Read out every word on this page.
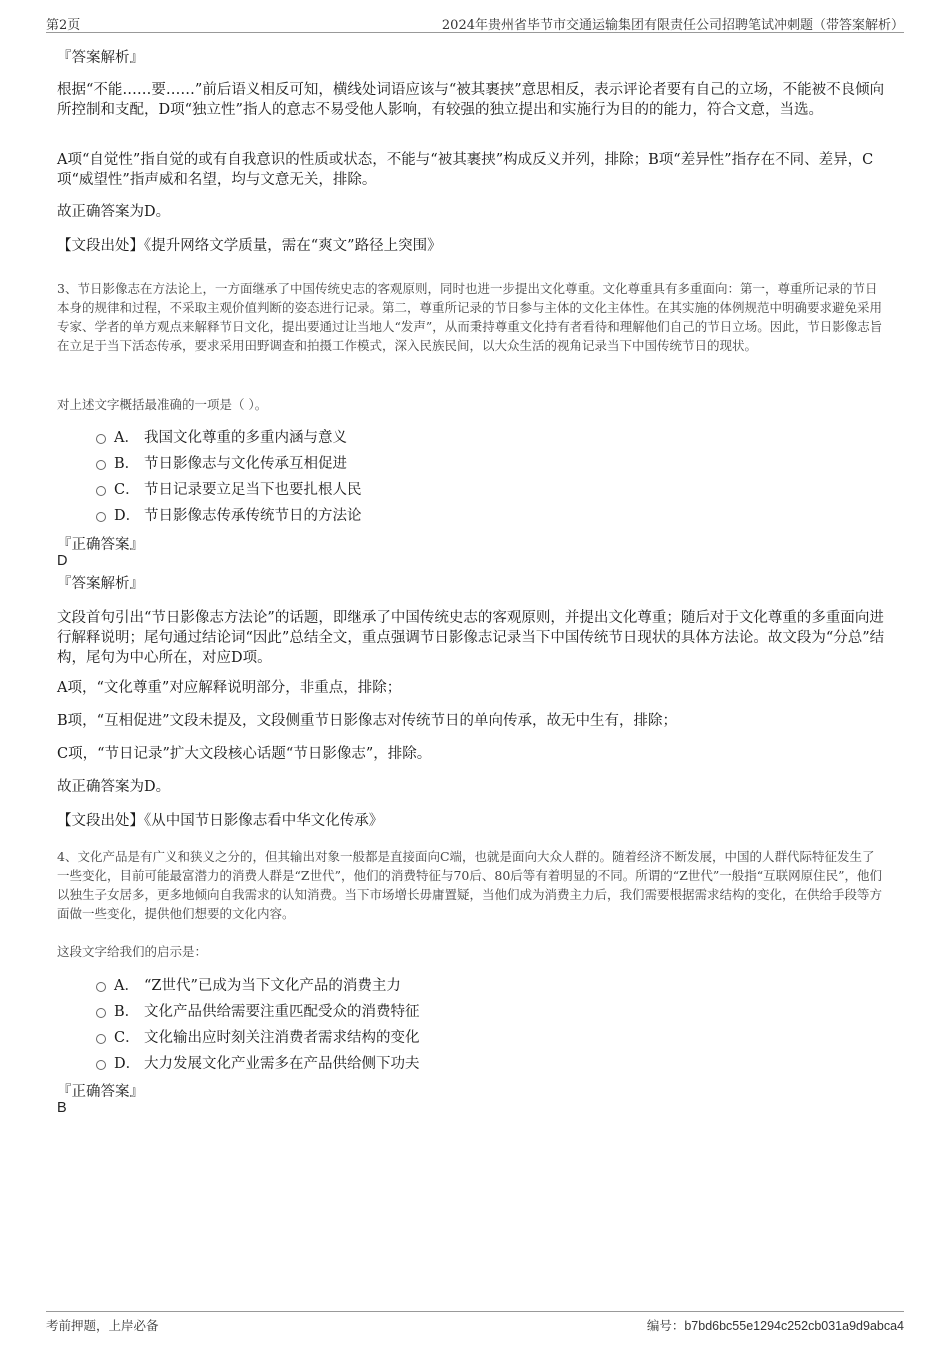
第2页	2024年贵州省毕节市交通运输集团有限责任公司招聘笔试冲刺题（带答案解析）
『答案解析』
根据“不能……要……”前后语义相反可知，横线处词语应该与“被其裹挟”意思相反，表示评论者要有自己的立场，不能被不良倾向所控制和支配，D项“独立性”指人的意志不易受他人影响，有较强的独立提出和实施行为目的的能力，符合文意，当选。
A项“自觉性”指自觉的或有自我意识的性质或状态，不能与“被其裹挟”构成反义并列，排除；B项“差异性”指存在不同、差异，C项“威望性”指声威和名望，均与文意无关，排除。
故正确答案为D。
【文段出处】《提升网络文学质量，需在“爽文”路径上突围》
3、节日影像志在方法论上，一方面继承了中国传统史志的客观原则，同时也进一步提出文化尊重。文化尊重具有多重面向：第一，尊重所记录的节日本身的规律和过程，不采取主观价值判断的姿态进行记录。第二，尊重所记录的节日参与主体的文化主体性。在其实施的体例规范中明确要求避免采用专家、学者的单方观点来解释节日文化，提出要通过让当地人“发声”，从而秉持尊重文化持有者看待和理解他们自己的节日立场。因此，节日影像志旨在立足于当下活态传承，要求采用田野调查和拍摄工作模式，深入民族民间，以大众生活的视角记录当下中国传统节日的现状。
对上述文字概括最准确的一项是（ ）。
A． 我国文化尊重的多重内涵与意义
B． 节日影像志与文化传承互相促进
C． 节日记录要立足当下也要扎根人民
D． 节日影像志传承传统节日的方法论
『正确答案』
D
『答案解析』
文段首句引出“节日影像志方法论”的话题，即继承了中国传统史志的客观原则，并提出文化尊重；随后对于文化尊重的多重面向进行解释说明；尾句通过结论词“因此”总结全文，重点强调节日影像志记录当下中国传统节日现状的具体方法论。故文段为“分总”结构，尾句为中心所在，对应D项。
A项，“文化尊重”对应解释说明部分，非重点，排除；
B项，“互相促进”文段未提及，文段侧重节日影像志对传统节日的单向传承，故无中生有，排除；
C项，“节日记录”扩大文段核心话题“节日影像志”，排除。
故正确答案为D。
【文段出处】《从中国节日影像志看中华文化传承》
4、文化产品是有广义和狭义之分的，但其输出对象一般都是直接面向C端，也就是面向大众人群的。随着经济不断发展，中国的人群代际特征发生了一些变化，目前可能最富潜力的消费人群是“Z世代”，他们的消费特征与70后、80后等有着明显的不同。所谓的“Z世代”一般指“互联网原住民”，他们以独生子女居多，更多地倾向自我需求的认知消费。当下市场增长毋庸置疑，当他们成为消费主力后，我们需要根据需求结构的变化，在供给手段等方面做一些变化，提供他们想要的文化内容。
这段文字给我们的启示是：
A． “Z世代”已成为当下文化产品的消费主力
B． 文化产品供给需要注重匹配受众的消费特征
C． 文化输出应时刻关注消费者需求结构的变化
D． 大力发展文化产业需多在产品供给侧下功夫
『正确答案』
B
考前押题，上岸必备	编号：b7bd6bc55e1294c252cb031a9d9abca4
